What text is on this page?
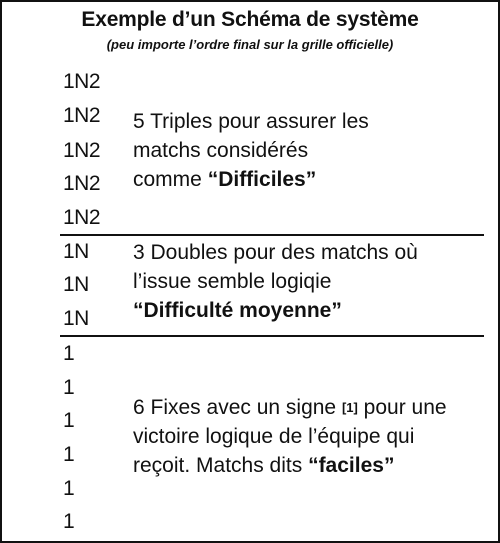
Exemple d’un Schéma de système
(peu importe l’ordre final sur la grille officielle)
1N2
1N2
1N2
1N2
1N2
5 Triples pour assurer les
matchs considérés
comme “Difficiles”
1N
1N
1N
3 Doubles pour des matchs où
l’issue semble logiqie
“Difficulté moyenne”
1
1
1
1
1
1
6 Fixes avec un signe [1] pour une
victoire logique de l’équipe qui
reçoit. Matchs dits “faciles”
